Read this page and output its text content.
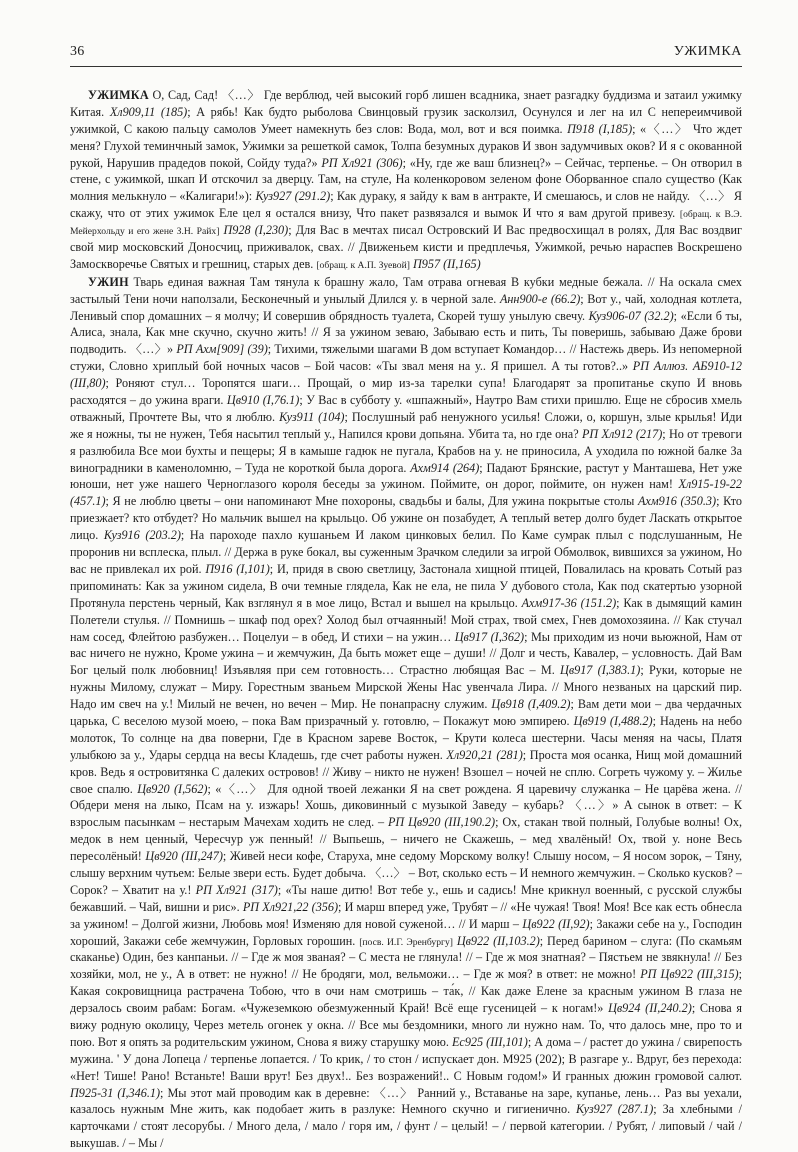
36	УЖИМКА

УЖИМКА О, Сад, Сад! 〈…〉 Где верблюд, чей высокий горб лишен всадника, знает разгадку буддизма и затаил ужимку Китая. Хл909,11 (185); А рябь! Как будто рыболова Свинцовый грузик засколзил, Осунулся и лег на ил С непереимчивой ужимкой, С какою пальцу самолов Умеет намекнуть без слов: Вода, мол, вот и вся поимка. П918 (I,185); «〈…〉 Что ждет меня? Глухой теминчный замок, Ужимки за решеткой самок, Толпа безумных дураков И звон задумчивых оков? И я с окованной рукой, Нарушив прадедов покой, Сойду туда?» РП Хл921 (306); «Ну, где же ваш близнец?» – Сейчас, терпенье. – Он отворил в стене, с ужимкой, шкап И отскочил за дверцу. Там, на стуле, На коленкоровом зеленом фоне Оборванное спало существо (Как молния мелькнуло – «Калигари!»): Куз927 (291.2); Как дураку, я зайду к вам в антракте, И смешаюсь, и слов не найду. 〈…〉 Я скажу, что от этих ужимок Еле цел я остался внизу, Что пакет развязался и вымок И что я вам другой привезу. [обращ. к В.Э. Мейерхольду и его жене З.Н. Райх] П928 (I,230); Для Вас в мечтах писал Островский И Вас предвосхищал в ролях, Для Вас воздвиг свой мир московский Доносчиц, приживалок, свах. // Движеньем кисти и предплечья, Ужимкой, речью нараспев Воскрешено Замоскворечье Святых и грешниц, старых дев. [обращ. к А.П. Зуевой] П957 (II,165)

УЖИН Тварь единая важная Там тянула к брашну жало, Там отрава огневая В кубки медные бежала. // На оскала смех застылый Тени ночи наползали, Бесконечный и унылый Длился у. в черной зале. Анн900-е (66.2); Вот у., чай, холодная котлета, Ленивый спор домашних – я молчу; И совершив обрядность туалета, Скорей тушу унылую свечу. Куз906-07 (32.2); «Если б ты, Алиса, знала, Как мне скучно, скучно жить! // Я за ужином зеваю, Забываю есть и пить, Ты поверишь, забываю Даже брови подводить. 〈…〉» РП Ахм[909] (39); Тихими, тяжелыми шагами В дом вступает Командор… // Настежь дверь. Из непомерной стужи, Словно хриплый бой ночных часов – Бой часов: «Ты звал меня на у.. Я пришел. А ты готов?..» РП Аллюз. АБ910-12 (III,80); Роняют стул… Торопятся шаги… Прощай, о мир из-за тарелки супа! Благодарят за пропитанье скупо И вновь расходятся – до ужина враги. Цв910 (I,76.1); У Вас в субботу у. «шпажный», Наутро Вам стихи пришлю. Еще не сбросив хмель отважный, Прочтете Вы, что я люблю. Куз911 (104); Послушный раб ненужного усилья! Сложи, о, коршун, злые крылья! Иди же я ножны, ты не нужен, Тебя насытил теплый у., Напился крови допьяна. Убита та, но где она? РП Хл912 (217); Но от тревоги я разлюбила Все мои бухты и пещеры; Я в камыше гадюк не пугала, Крабов на у. не приносила, А уходила по южной балке За виноградники в каменоломню, – Туда не короткой была дорога. Ахм914 (264); Падают Брянские, растут у Манташева, Нет уже юноши, нет уже нашего Черноглазого короля беседы за ужином. Поймите, он дорог, поймите, он нужен нам! Хл915-19-22 (457.1); Я не люблю цветы – они напоминают Мне похороны, свадьбы и балы, Для ужина покрытые столы Ахм916 (350.3); Кто приезжает? кто отбудет? Но мальчик вышел на крыльцо. Об ужине он позабудет, А теплый ветер долго будет Ласкать открытое лицо. Куз916 (203.2); На пароходе пахло кушаньем И лаком цинковых белил. По Каме сумрак плыл с подслушанным, Не проронив ни всплеска, плыл. // Держа в руке бокал, вы суженным Зрачком следили за игрой Обмолвок, вившихся за ужином, Но вас не привлекал их рой. П916 (I,101); И, придя в свою светлицу, Застонала хищной птицей, Повалилась на кровать Сотый раз припоминать: Как за ужином сидела, В очи темные глядела, Как не ела, не пила У дубового стола, Как под скатертью узорной Протянула перстень черный, Как взглянул я в мое лицо, Встал и вышел на крыльцо. Ахм917-36 (151.2); Как в дымящий камин Полетели стулья. // Помнишь – шкаф под орех? Холод был отчаянный! Мой страх, твой смех, Гнев домохозяина. // Как стучал нам сосед, Флейтою разбужен… Поцелуи – в обед, И стихи – на ужин… Цв917 (I,362); Мы приходим из ночи вьюжной, Нам от вас ничего не нужно, Кроме ужина – и жемчужин, Да быть может еще – души! // Долг и честь, Кавалер, – условность. Дай Вам Бог целый полк любовниц! Изъявляя при сем готовность… Страстно любящая Вас – М. Цв917 (I,383.1); Руки, которые не нужны Милому, служат – Миру. Горестным званьем Мирской Жены Нас увенчала Лира. // Много незваных на царский пир. Надо им свеч на у.! Милый не вечен, но вечен – Мир. Не понапрасну служим. Цв918 (I,409.2); Вам дети мои – два чердачных царька, С веселою музой моею, – пока Вам призрачный у. готовлю, – Покажут мою эмпирею. Цв919 (I,488.2); Надень на небо молоток, То солнце на два поверни, Где в Красном зареве Восток, – Крути колеса шестерни. Часы меняя на часы, Платя улыбкою за у., Удары сердца на весы Кладешь, где счет работы нужен. Хл920,21 (281); Проста моя осанка, Нищ мой домашний кров. Ведь я островитянка С далеких островов! // Живу – никто не нужен! Взошел – ночей не сплю. Согреть чужому у. – Жилье свое спалю. Цв920 (I,562); «〈…〉 Для одной твоей лежанки Я на свет рождена. Я царевичу служанка – Не царёва жена. // Обдери меня на лыко, Псам на у. изжарь! Хошь, диковинный с музыкой Заведу – кубарь? 〈…〉» А сынок в ответ: – К взрослым пасынкам – нестарым Мачехам ходить не след. – РП Цв920 (III,190.2); Ох, стакан твой полный, Голубые волны! Ох, медок в нем ценный, Чересчур уж пенный! // Выпьешь, – ничего не Скажешь, – мед хвалёный! Ох, твой у. ноне Весь пересолёный! Цв920 (III,247); Живей неси кофе, Старуха, мне седому Морскому волку! Слышу носом, – Я носом зорок, – Тяну, слышу верхним чутьем: Белые звери есть. Будет добыча. 〈…〉 – Вот, сколько есть – И немного жемчужин. – Сколько кусков? – Сорок? – Хватит на у.! РП Хл921 (317); «Ты наше дитю! Вот тебе у., ешь и садись! Мне крикнул военный, с русской службы бежавший. – Чай, вишни и рис». РП Хл921,22 (356); И марш вперед уже, Трубят – // «Не чужая! Твоя! Моя! Все как есть обнеслa за ужином! – Долгой жизни, Любовь моя! Изменяю для новой суженой… // И марш – Цв922 (II,92); Закажи себе на у., Господин хороший, Закажи себе жемчужин, Горловых горошин. [посв. И.Г. Эренбургу] Цв922 (II,103.2); Перед барином – слуга: (По скамьям скаканье) Один, без канпаньи. // – Где ж моя званая? – С места не глянула! // – Где ж моя знатная? – Пястьем не звякнула! // Без хозяйки, мол, не у., А в ответ: не нужно! // Не бродяги, мол, вельможи… – Где ж моя? в ответ: не можно! РП Цв922 (III,315); Какая сокровищница растрачена Тобою, что в очи нам смотришь – та́к, // Как даже Елене за красным ужином В глаза не дерзалось своим рабам: Богам. «Чужеземкою обезмуженный Край! Всё еще гусеницей – к ногам!» Цв924 (II,240.2); Снова я вижу родную околицу, Через метель огонек у окна. // Все мы бездомники, много ли нужно нам. То, что далось мне, про то и пою. Вот я опять за родительским ужином, Снова я вижу старушку мою. Ес925 (III,101); А дома – / растет до ужина / свирепость мужина. ' У дона Лопеца / терпенье лопается. / То крик, / то стон / испускает дон. М925 (202); В разгаре у.. Вдруг, без перехода: «Нет! Тише! Рано! Встаньте! Ваши врут! Без двух!.. Без возражений!.. С Новым годом!» И гранных дюжин громовой салют. П925-31 (I,346.1); Мы этот май проводим как в деревне: 〈…〉 Ранний у., Вставанье на заре, купанье, лень… Раз вы уехали, казалось нужным Мне жить, как подобает жить в разлуке: Немного скучно и гигиенично. Куз927 (287.1); За хлебными / карточками / стоят лесорубы. / Много дела, / мало / горя им, / фунт / – целый! – / первой категории. / Рубят, / липовый / чай / выкушав. / – Мы /
